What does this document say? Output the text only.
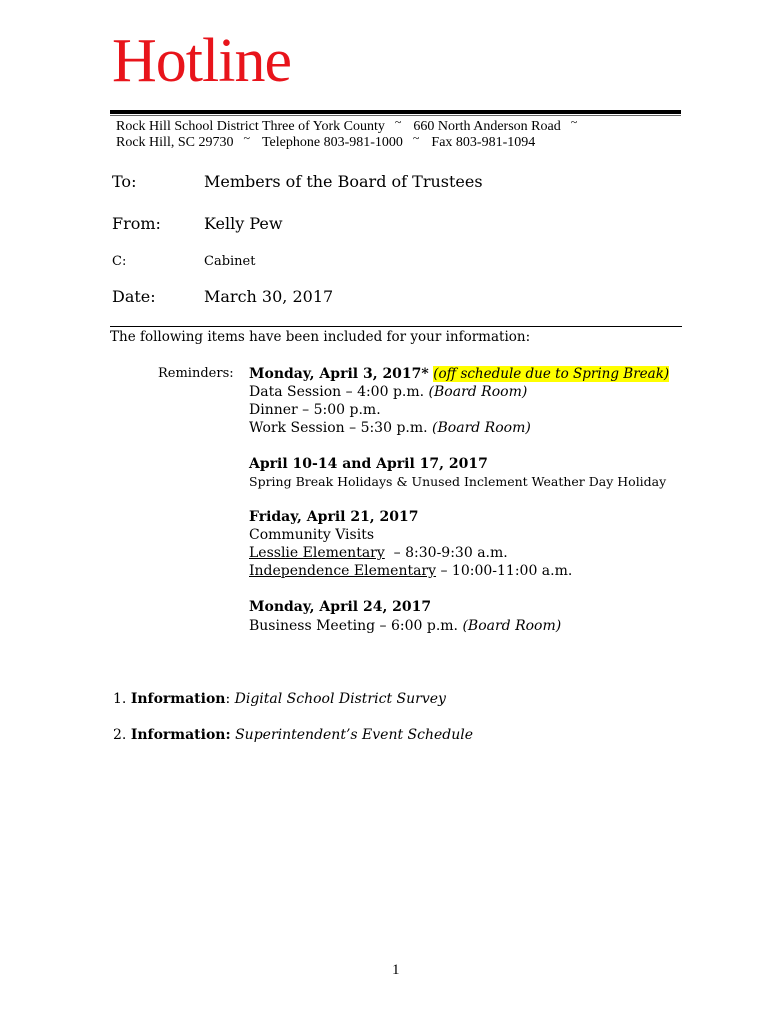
Hotline
Rock Hill School District Three of York County ~ 660 North Anderson Road ~
Rock Hill, SC 29730 ~ Telephone 803-981-1000 ~ Fax 803-981-1094
To:	Members of the Board of Trustees
From:	Kelly Pew
C:	Cabinet
Date:	March 30, 2017
The following items have been included for your information:
Reminders: Monday, April 3, 2017* (off schedule due to Spring Break)
Data Session – 4:00 p.m. (Board Room)
Dinner – 5:00 p.m.
Work Session – 5:30 p.m. (Board Room)
April 10-14 and April 17, 2017
Spring Break Holidays & Unused Inclement Weather Day Holiday
Friday, April 21, 2017
Community Visits
Lesslie Elementary  – 8:30-9:30 a.m.
Independence Elementary – 10:00-11:00 a.m.
Monday, April 24, 2017
Business Meeting – 6:00 p.m. (Board Room)
1. Information: Digital School District Survey
2. Information: Superintendent’s Event Schedule
1
